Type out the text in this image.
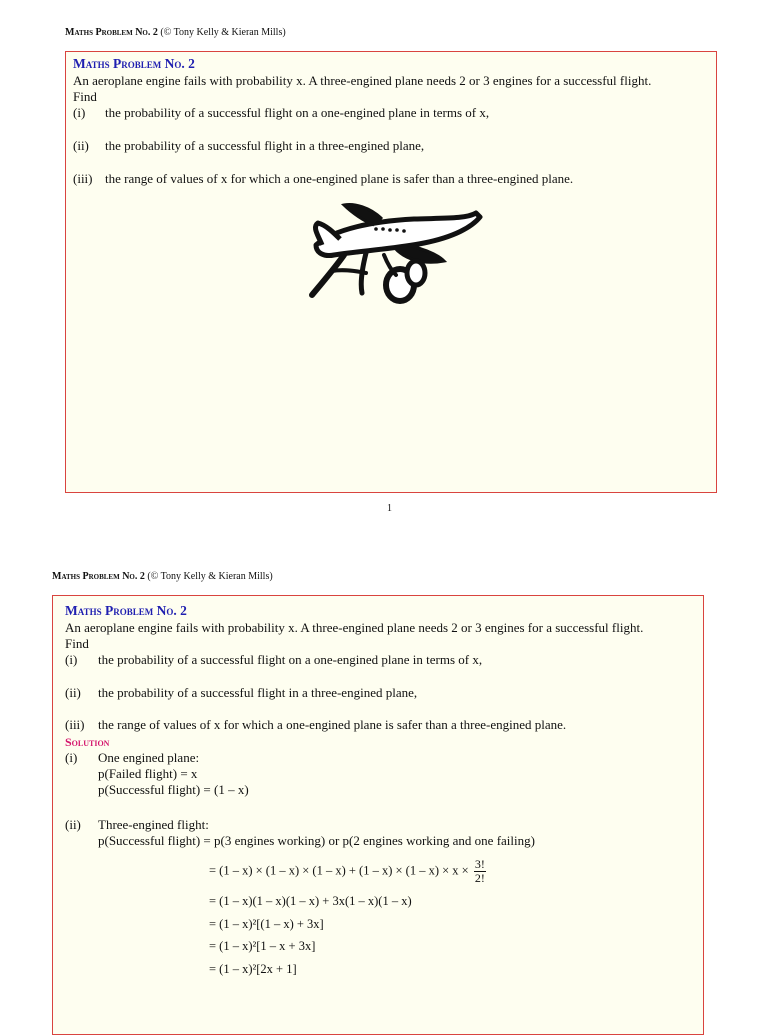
Maths Problem No. 2 (© Tony Kelly & Kieran Mills)
Maths Problem No. 2
An aeroplane engine fails with probability x. A three-engined plane needs 2 or 3 engines for a successful flight.
Find
(i) the probability of a successful flight on a one-engined plane in terms of x,
(ii) the probability of a successful flight in a three-engined plane,
(iii) the range of values of x for which a one-engined plane is safer than a three-engined plane.
1
Maths Problem No. 2 (© Tony Kelly & Kieran Mills)
Maths Problem No. 2
An aeroplane engine fails with probability x. A three-engined plane needs 2 or 3 engines for a successful flight.
Find
(i) the probability of a successful flight on a one-engined plane in terms of x,
(ii) the probability of a successful flight in a three-engined plane,
(iii) the range of values of x for which a one-engined plane is safer than a three-engined plane.
Solution
(i) One engined plane:
p(Failed flight) = x
p(Successful flight) = (1 – x)
(ii) Three-engined flight:
p(Successful flight) = p(3 engines working) or p(2 engines working and one failing)
= $(1 - x) \times (1 - x) \times (1 - x) + (1 - x) \times (1 - x) \times x \times \frac{3!}{2!}$
= (1 – x)(1 – x)(1 – x) + 3x(1 – x)(1 – x)
= (1 – x)²[(1 – x) + 3x]
= (1 – x)²[1 – x + 3x]
= (1 – x)²[2x + 1]
